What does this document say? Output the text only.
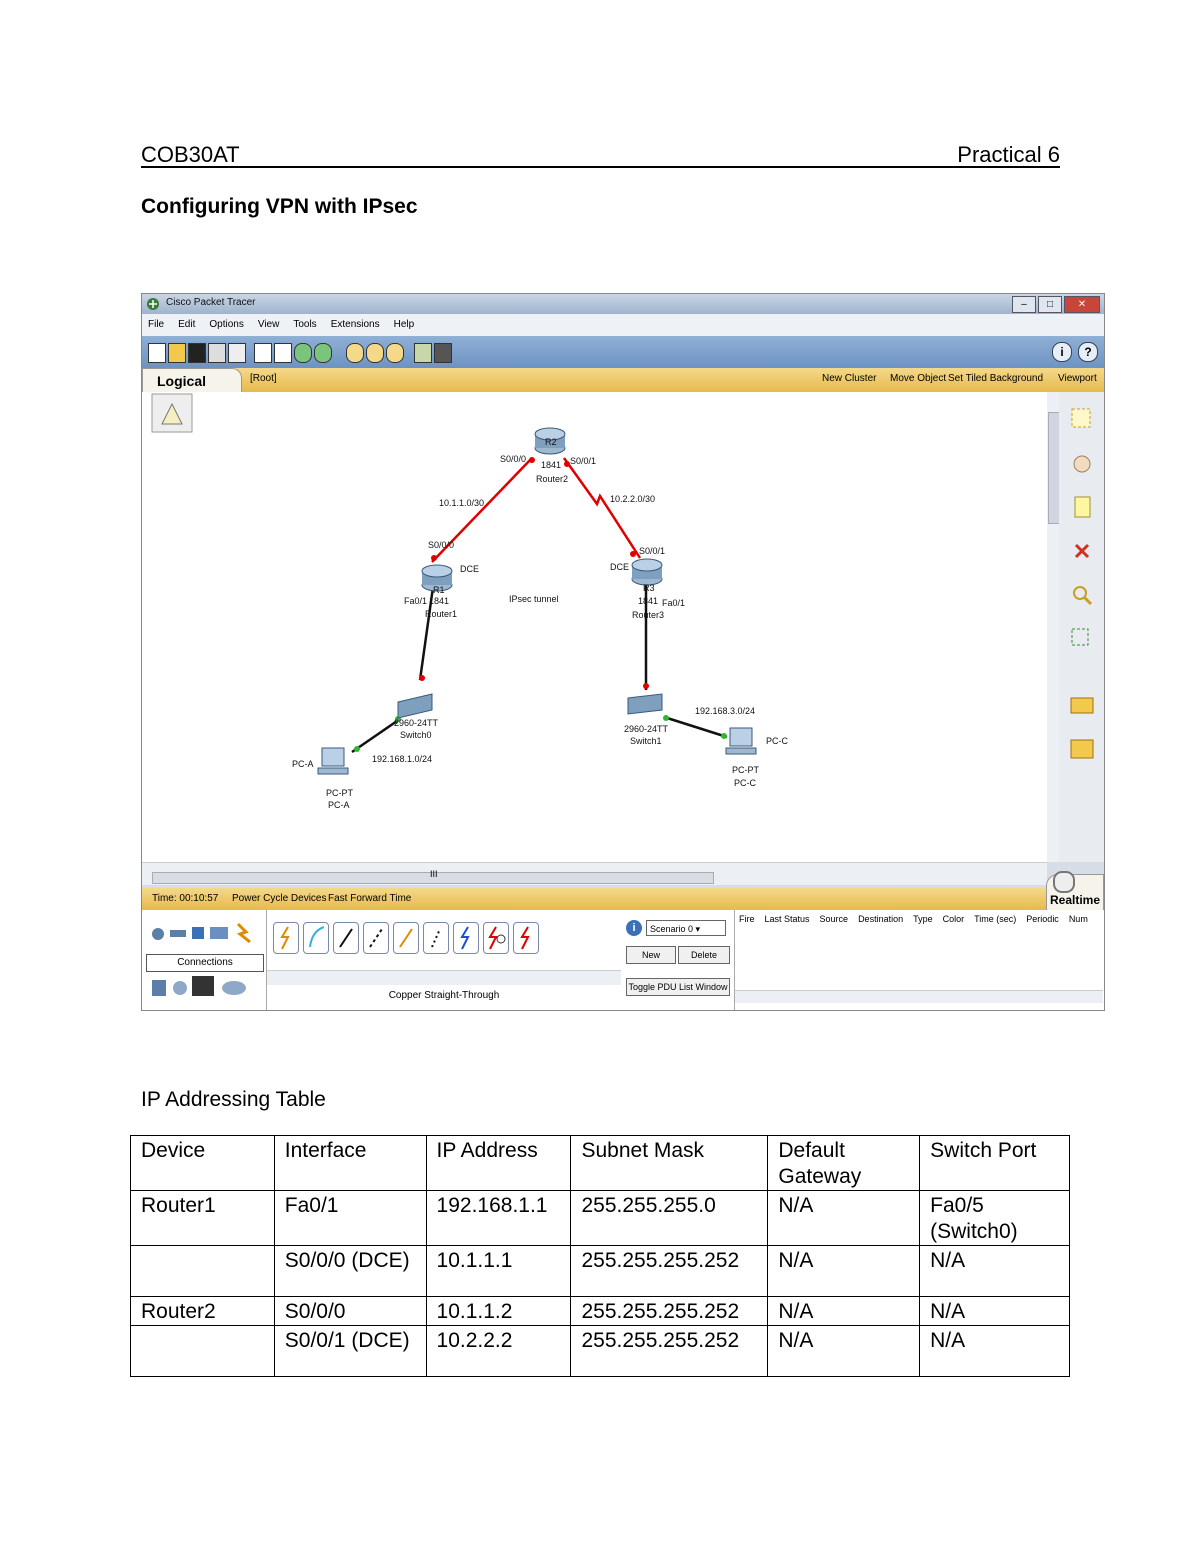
COB30AT	Practical 6
Configuring VPN with IPsec
Cisco Packet Tracer	–	□	✕
File Edit Options View Tools Extensions Help
i	?
Logical	[Root]	New Cluster Move Object Set Tiled Background Viewport
S0/0/0	S0/0/1
R2
1841
Router2
10.1.1.0/30	10.2.2.0/30
S0/0/0
DCE
R1
Fa0/1 1841
Router1
S0/0/1
DCE
R3
1841 Fa0/1
Router3
IPsec tunnel
2960-24TT
Switch0
2960-24TT
Switch1
192.168.1.0/24
192.168.3.0/24
PC-A
PC-PT
PC-A
PC-C
PC-PT
PC-C
III
Time: 00:10:57 Power Cycle Devices Fast Forward Time	Realtime
Connections
Copper Straight-Through
i	Scenario 0 ▾
New	Delete
Toggle PDU List Window
Fire Last Status Source Destination Type Color Time (sec) Periodic Num
IP Addressing Table
Device	Interface	IP Address	Subnet Mask	Default Gateway	Switch Port
Router1	Fa0/1	192.168.1.1	255.255.255.0	N/A	Fa0/5 (Switch0)
	S0/0/0 (DCE)	10.1.1.1	255.255.255.252	N/A	N/A
Router2	S0/0/0	10.1.1.2	255.255.255.252	N/A	N/A
	S0/0/1 (DCE)	10.2.2.2	255.255.255.252	N/A	N/A
